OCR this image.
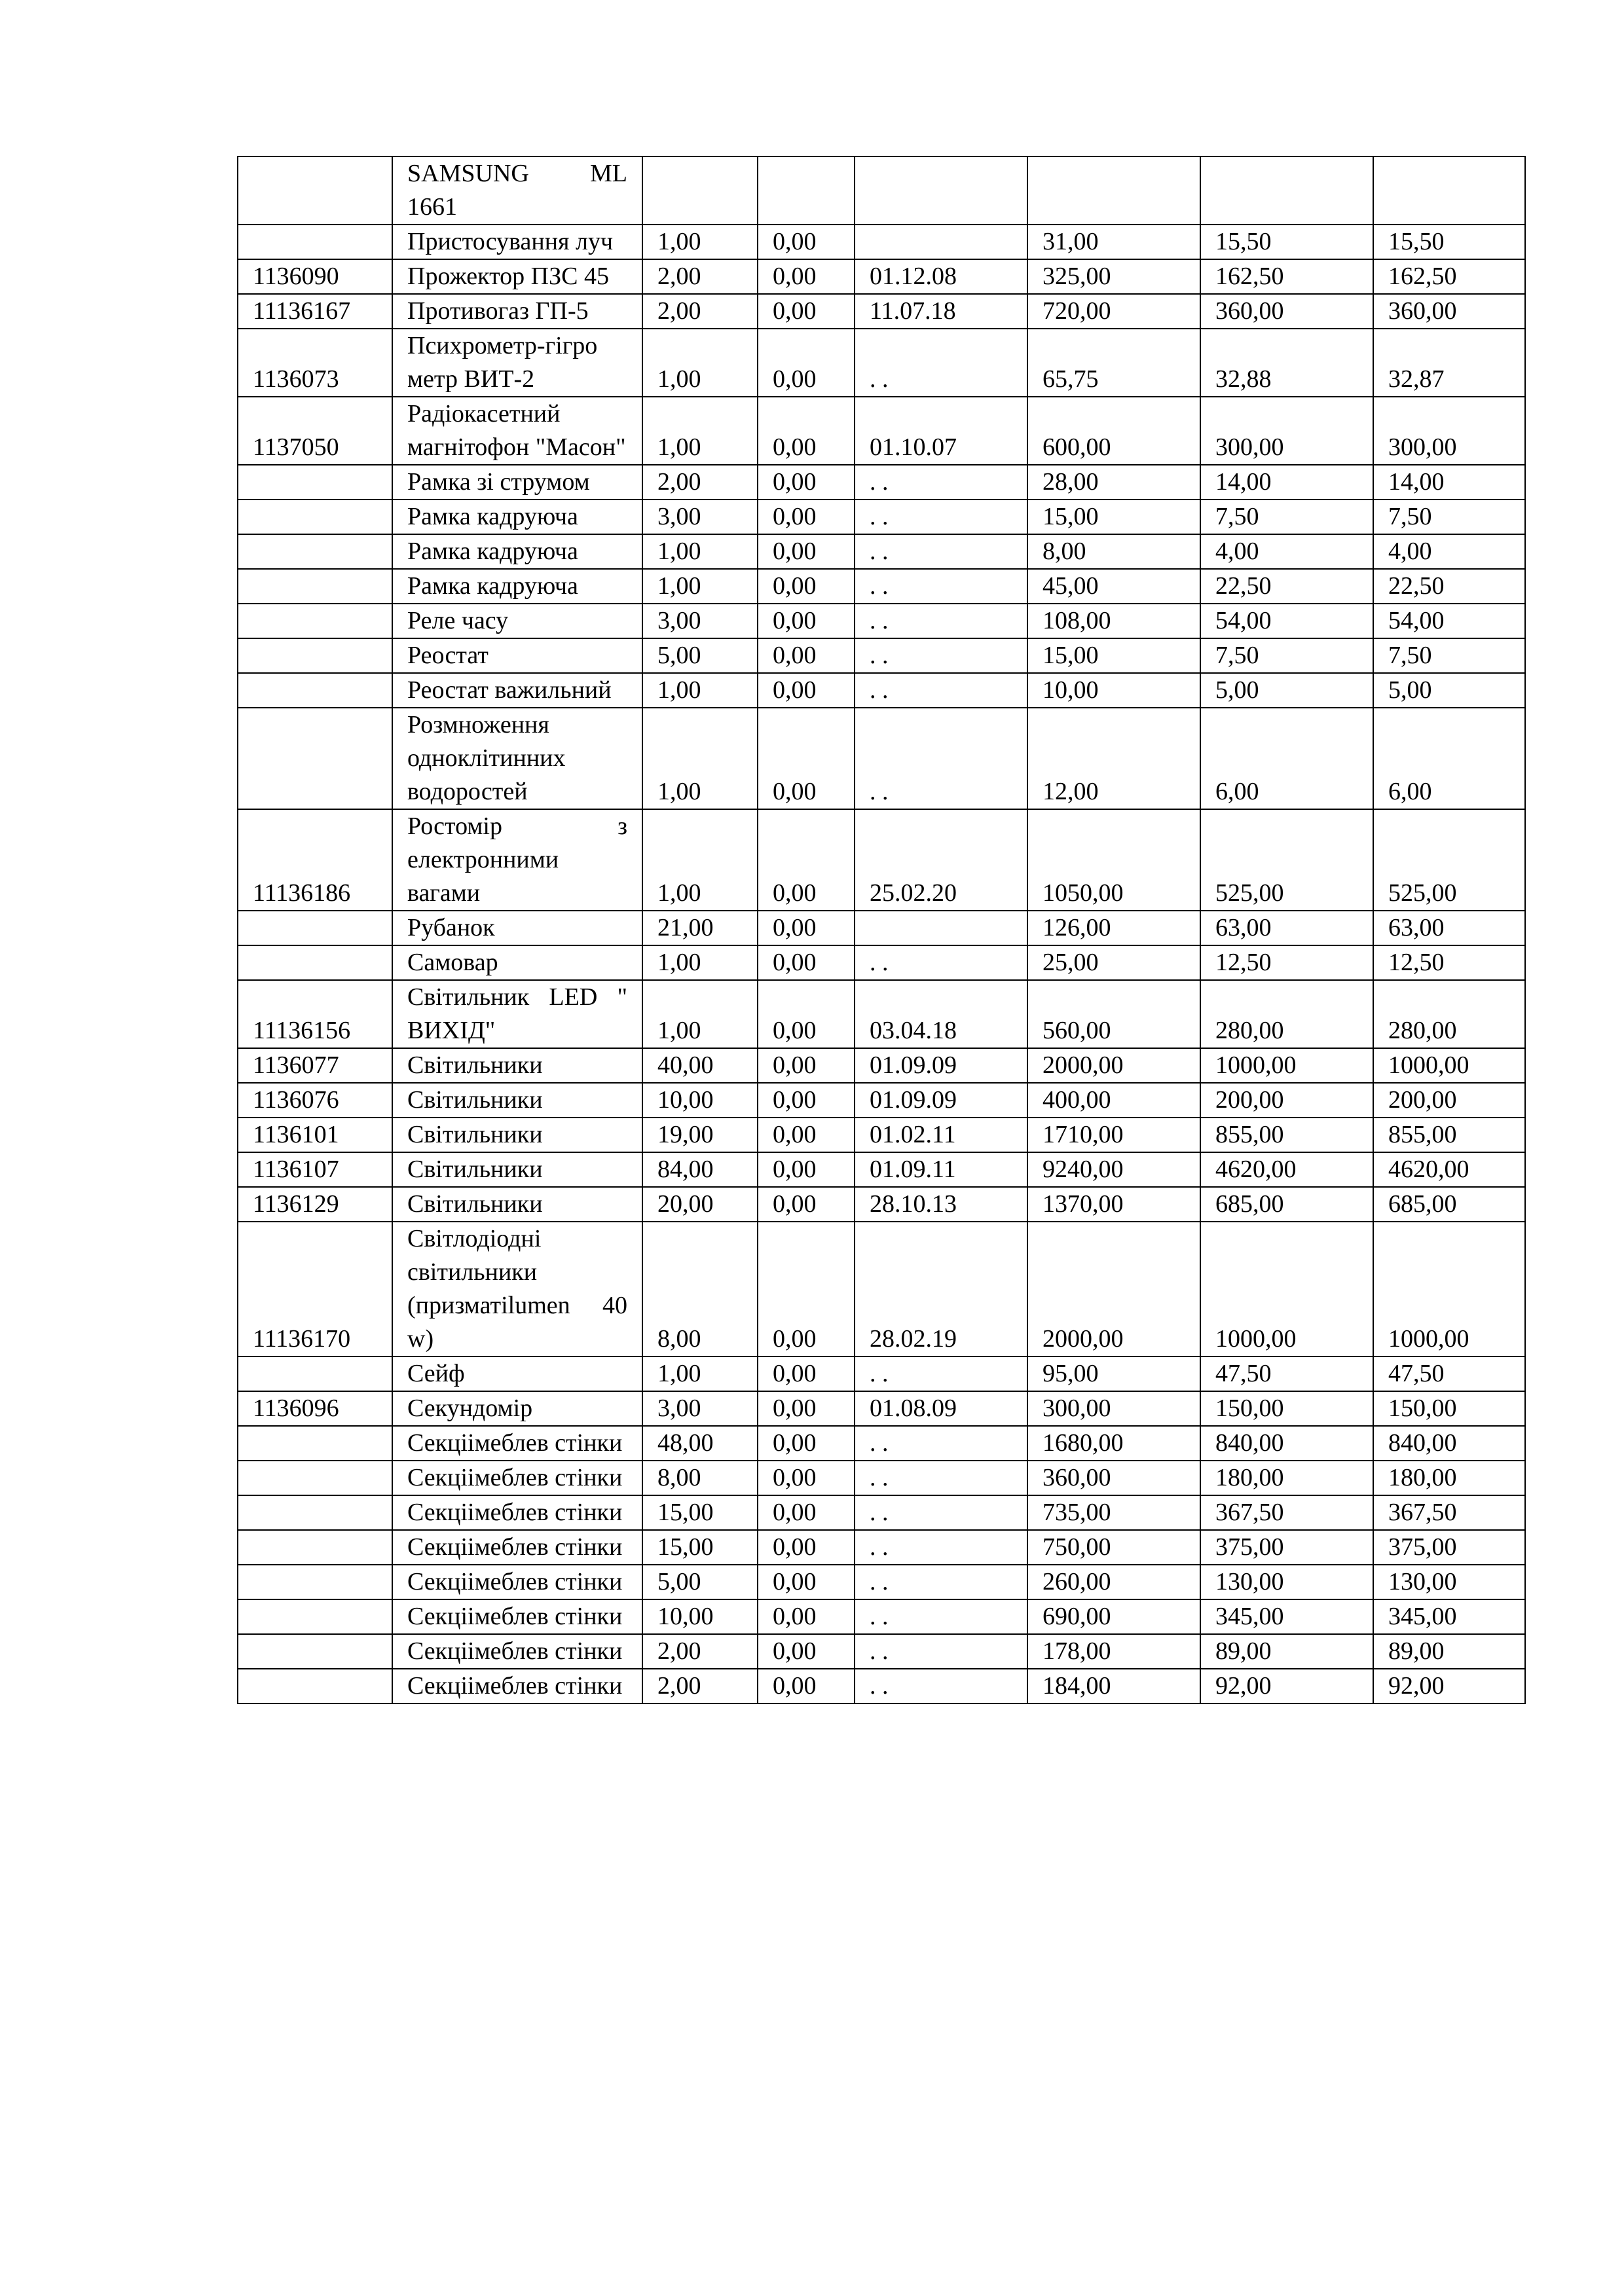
	SAMSUNG ML 1661						
	Пристосування луч	1,00	0,00		31,00	15,50	15,50
1136090	Прожектор ПЗС 45	2,00	0,00	01.12.08	325,00	162,50	162,50
11136167	Противогаз ГП-5	2,00	0,00	11.07.18	720,00	360,00	360,00
1136073	Психрометр-гігро метр ВИТ-2	1,00	0,00	. .	65,75	32,88	32,87
1137050	Радіокасетний магнітофон "Масон"	1,00	0,00	01.10.07	600,00	300,00	300,00
	Рамка зі струмом	2,00	0,00	. .	28,00	14,00	14,00
	Рамка кадруюча	3,00	0,00	. .	15,00	7,50	7,50
	Рамка кадруюча	1,00	0,00	. .	8,00	4,00	4,00
	Рамка кадруюча	1,00	0,00	. .	45,00	22,50	22,50
	Реле часу	3,00	0,00	. .	108,00	54,00	54,00
	Реостат	5,00	0,00	. .	15,00	7,50	7,50
	Реостат важильний	1,00	0,00	. .	10,00	5,00	5,00
	Розмноження одноклітинних водоростей	1,00	0,00	. .	12,00	6,00	6,00
11136186	Ростомір з електронними вагами	1,00	0,00	25.02.20	1050,00	525,00	525,00
	Рубанок	21,00	0,00		126,00	63,00	63,00
	Самовар	1,00	0,00	. .	25,00	12,50	12,50
11136156	Світильник LED " ВИХІД"	1,00	0,00	03.04.18	560,00	280,00	280,00
1136077	Світильники	40,00	0,00	01.09.09	2000,00	1000,00	1000,00
1136076	Світильники	10,00	0,00	01.09.09	400,00	200,00	200,00
1136101	Світильники	19,00	0,00	01.02.11	1710,00	855,00	855,00
1136107	Світильники	84,00	0,00	01.09.11	9240,00	4620,00	4620,00
1136129	Світильники	20,00	0,00	28.10.13	1370,00	685,00	685,00
11136170	Світлодіодні світильники (призматіlumen 40 w)	8,00	0,00	28.02.19	2000,00	1000,00	1000,00
	Сейф	1,00	0,00	. .	95,00	47,50	47,50
1136096	Секундомір	3,00	0,00	01.08.09	300,00	150,00	150,00
	Секціімеблев стінки	48,00	0,00	. .	1680,00	840,00	840,00
	Секціімеблев стінки	8,00	0,00	. .	360,00	180,00	180,00
	Секціімеблев стінки	15,00	0,00	. .	735,00	367,50	367,50
	Секціімеблев стінки	15,00	0,00	. .	750,00	375,00	375,00
	Секціімеблев стінки	5,00	0,00	. .	260,00	130,00	130,00
	Секціімеблев стінки	10,00	0,00	. .	690,00	345,00	345,00
	Секціімеблев стінки	2,00	0,00	. .	178,00	89,00	89,00
	Секціімеблев стінки	2,00	0,00	. .	184,00	92,00	92,00
